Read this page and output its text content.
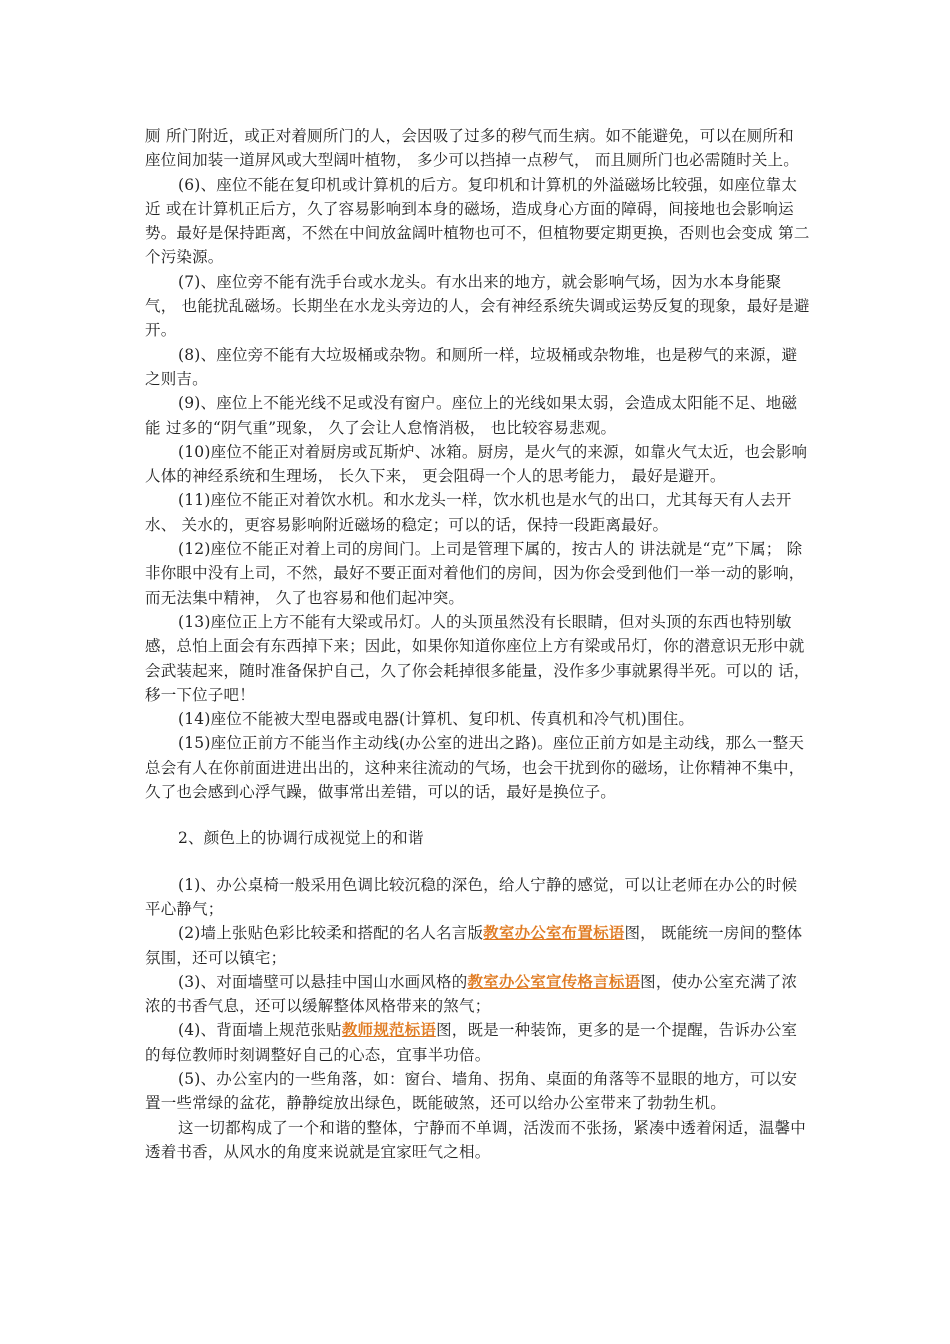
厕 所门附近，或正对着厕所门的人，会因吸了过多的秽气而生病。如不能避免，可以在厕所和 座位间加装一道屏风或大型阔叶植物， 多少可以挡掉一点秽气， 而且厕所门也必需随时关上。

(6)、座位不能在复印机或计算机的后方。复印机和计算机的外溢磁场比较强，如座位靠太近 或在计算机正后方，久了容易影响到本身的磁场，造成身心方面的障碍，间接地也会影响运 势。最好是保持距离，不然在中间放盆阔叶植物也可不，但植物要定期更换，否则也会变成 第二个污染源。

(7)、座位旁不能有洗手台或水龙头。有水出来的地方，就会影响气场，因为水本身能聚气， 也能扰乱磁场。长期坐在水龙头旁边的人，会有神经系统失调或运势反复的现象，最好是避开。

(8)、座位旁不能有大垃圾桶或杂物。和厕所一样，垃圾桶或杂物堆，也是秽气的来源，避之则吉。

(9)、座位上不能光线不足或没有窗户。座位上的光线如果太弱，会造成太阳能不足、地磁能 过多的“阴气重”现象， 久了会让人怠惰消极， 也比较容易悲观。

(10)座位不能正对着厨房或瓦斯炉、冰箱。厨房，是火气的来源，如靠火气太近，也会影响 人体的神经系统和生理场， 长久下来， 更会阻碍一个人的思考能力， 最好是避开。

(11)座位不能正对着饮水机。和水龙头一样，饮水机也是水气的出口，尤其每天有人去开水、 关水的，更容易影响附近磁场的稳定；可以的话，保持一段距离最好。

(12)座位不能正对着上司的房间门。上司是管理下属的，按古人的 讲法就是“克”下属； 除非你眼中没有上司，不然，最好不要正面对着他们的房间，因为你会受到他们一举一动的影响， 而无法集中精神， 久了也容易和他们起冲突。

(13)座位正上方不能有大梁或吊灯。人的头顶虽然没有长眼睛，但对头顶的东西也特别敏感，总怕上面会有东西掉下来；因此，如果你知道你座位上方有梁或吊灯，你的潜意识无形中就 会武装起来，随时准备保护自己，久了你会耗掉很多能量，没作多少事就累得半死。可以的 话， 移一下位子吧！

(14)座位不能被大型电器或电器(计算机、复印机、传真机和冷气机)围住。

(15)座位正前方不能当作主动线(办公室的进出之路)。座位正前方如是主动线，那么一整天总会有人在你前面进进出出的，这种来往流动的气场，也会干扰到你的磁场，让你精神不集中，久了也会感到心浮气躁，做事常出差错，可以的话，最好是换位子。

2、颜色上的协调行成视觉上的和谐

(1)、办公桌椅一般采用色调比较沉稳的深色，给人宁静的感觉，可以让老师在办公的时候平心静气；

(2)墙上张贴色彩比较柔和搭配的名人名言版教室办公室布置标语图， 既能统一房间的整体氛围，还可以镇宅；

(3)、对面墙壁可以悬挂中国山水画风格的教室办公室宣传格言标语图，使办公室充满了浓浓的书香气息，还可以缓解整体风格带来的煞气；

(4)、背面墙上规范张贴教师规范标语图，既是一种装饰，更多的是一个提醒，告诉办公室的每位教师时刻调整好自己的心态，宜事半功倍。

(5)、办公室内的一些角落，如：窗台、墙角、拐角、桌面的角落等不显眼的地方，可以安置一些常绿的盆花，静静绽放出绿色，既能破煞，还可以给办公室带来了勃勃生机。

这一切都构成了一个和谐的整体，宁静而不单调，活泼而不张扬，紧凑中透着闲适，温馨中透着书香，从风水的角度来说就是宜家旺气之相。
